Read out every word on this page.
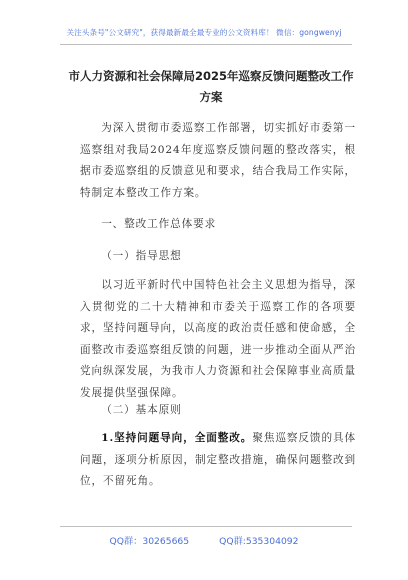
关注头条号"公文研究"，获得最新最全最专业的公文资料库！ 微信：gongwenyj
市人力资源和社会保障局2025年巡察反馈问题整改工作方案
为深入贯彻市委巡察工作部署，切实抓好市委第一巡察组对我局2024年度巡察反馈问题的整改落实，根据市委巡察组的反馈意见和要求，结合我局工作实际，特制定本整改工作方案。
一、整改工作总体要求
（一）指导思想
以习近平新时代中国特色社会主义思想为指导，深入贯彻党的二十大精神和市委关于巡察工作的各项要求，坚持问题导向，以高度的政治责任感和使命感，全面整改市委巡察组反馈的问题，进一步推动全面从严治党向纵深发展，为我市人力资源和社会保障事业高质量发展提供坚强保障。
（二）基本原则
1.坚持问题导向，全面整改。聚焦巡察反馈的具体问题，逐项分析原因，制定整改措施，确保问题整改到位，不留死角。
QQ群：30265665	QQ群:535304092
